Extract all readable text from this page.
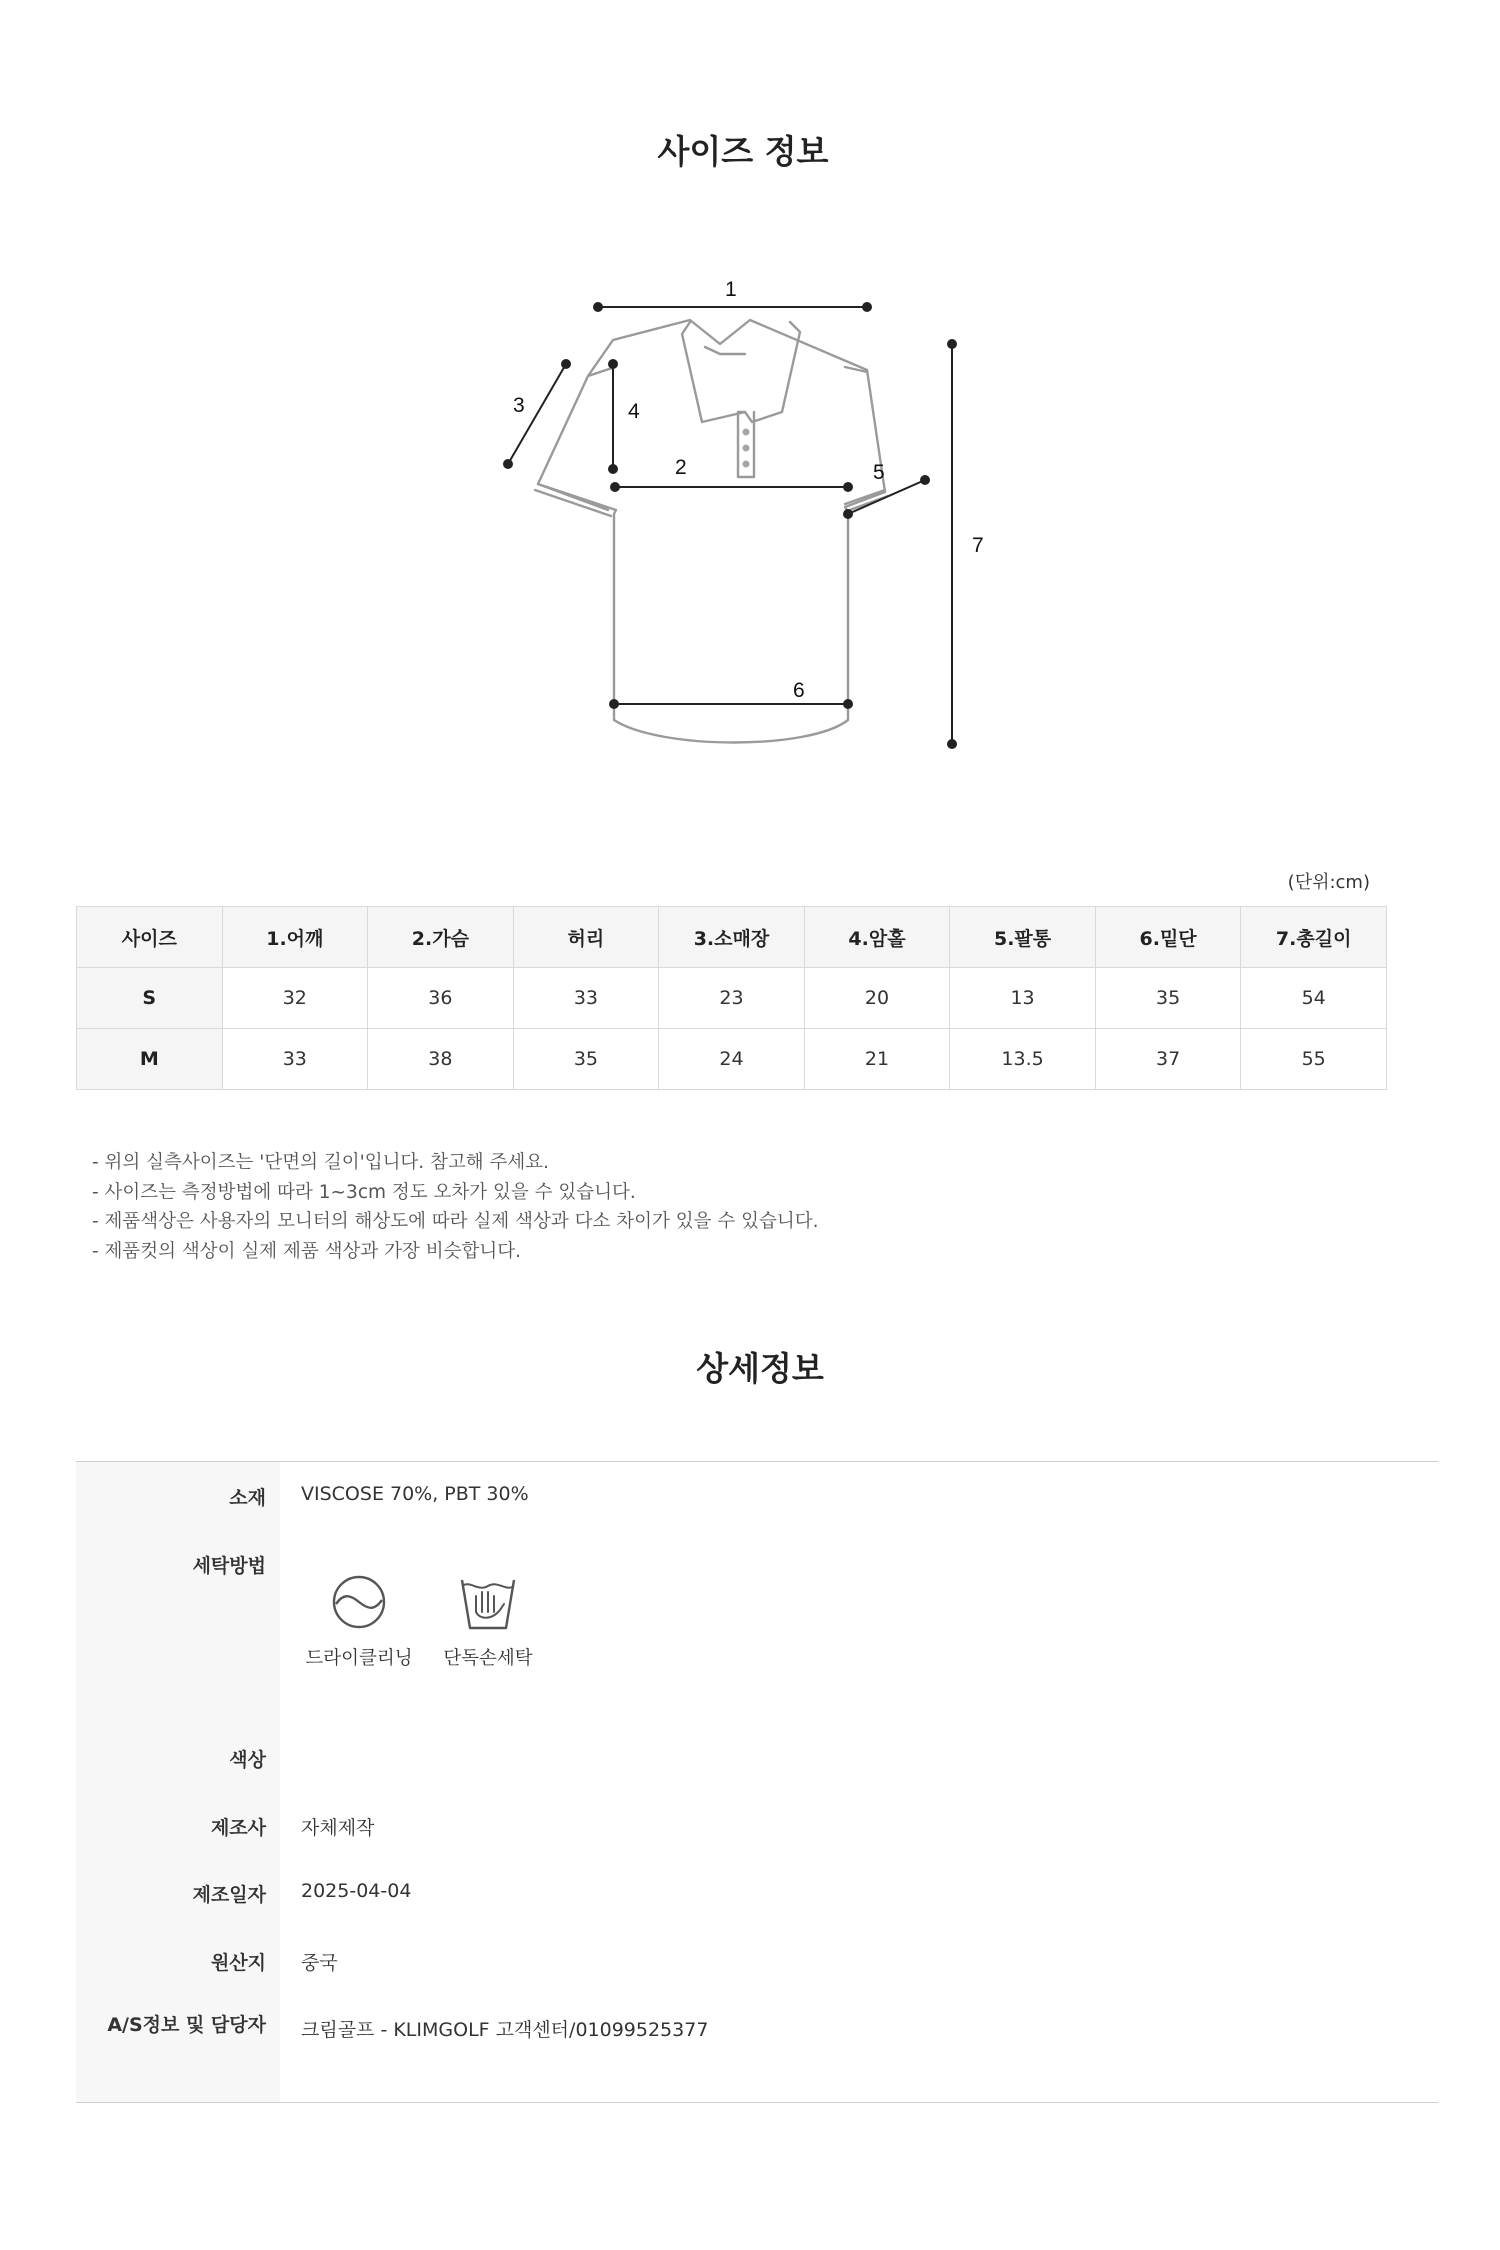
사이즈 정보
1
2
3	4
5
6
7
(단위:cm)
사이즈	1.어깨	2.가슴	허리	3.소매장	4.암홀	5.팔통	6.밑단	7.총길이
S	32	36	33	23	20	13	35	54
M	33	38	35	24	21	13.5	37	55
- 위의 실측사이즈는 '단면의 길이'입니다. 참고해 주세요.
- 사이즈는 측정방법에 따라 1~3cm 정도 오차가 있을 수 있습니다.
- 제품색상은 사용자의 모니터의 해상도에 따라 실제 색상과 다소 차이가 있을 수 있습니다.
- 제품컷의 색상이 실제 제품 색상과 가장 비슷합니다.
상세정보
소재 VISCOSE 70%, PBT 30%
세탁방법
드라이클리닝	단독손세탁
색상
제조사 자체제작
제조일자 2025-04-04
원산지 중국
A/S정보 및 담당자 크림골프 - KLIMGOLF 고객센터/01099525377
